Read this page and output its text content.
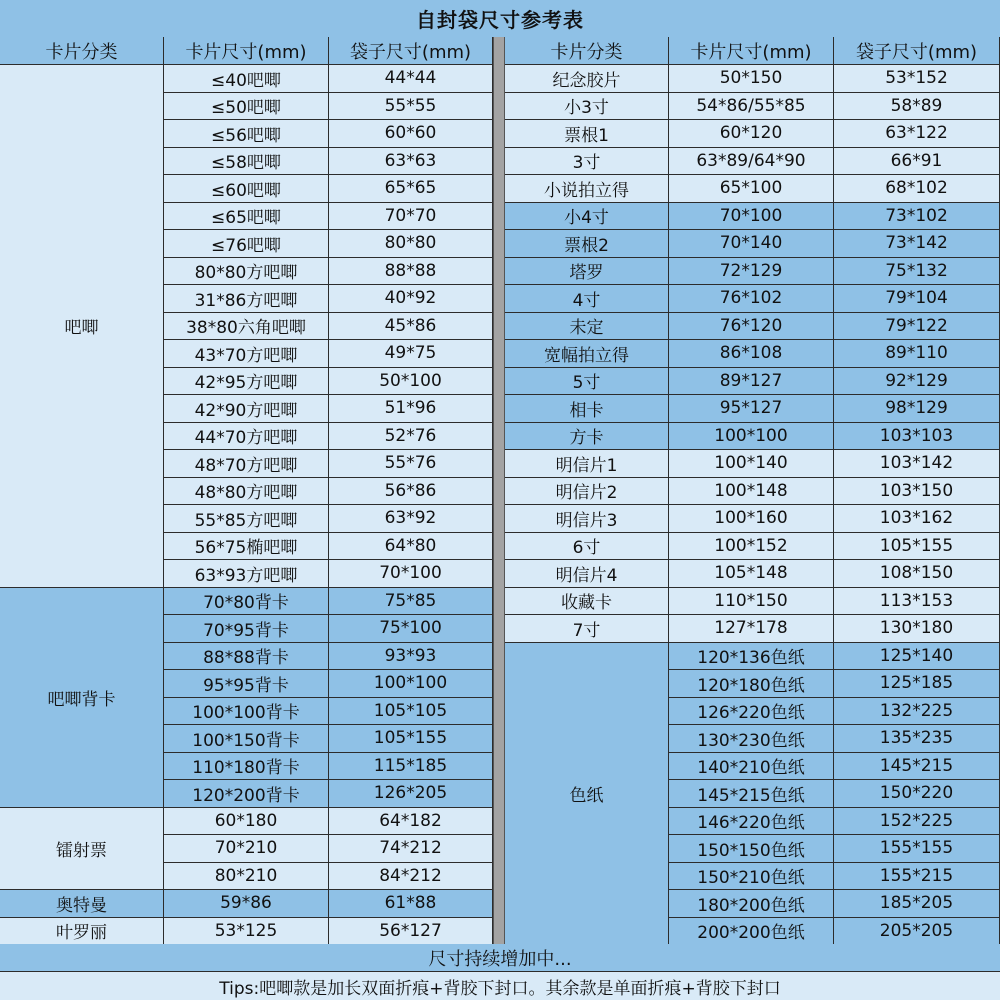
自封袋尺寸参考表
卡片分类	卡片尺寸(mm)	袋子尺寸(mm)
吧唧
≤40吧唧	44*44
≤50吧唧	55*55
≤56吧唧	60*60
≤58吧唧	63*63
≤60吧唧	65*65
≤65吧唧	70*70
≤76吧唧	80*80
80*80方吧唧	88*88
31*86方吧唧	40*92
38*80六角吧唧	45*86
43*70方吧唧	49*75
42*95方吧唧	50*100
42*90方吧唧	51*96
44*70方吧唧	52*76
48*70方吧唧	55*76
48*80方吧唧	56*86
55*85方吧唧	63*92
56*75椭吧唧	64*80
63*93方吧唧	70*100
吧唧背卡
70*80背卡	75*85
70*95背卡	75*100
88*88背卡	93*93
95*95背卡	100*100
100*100背卡	105*105
100*150背卡	105*155
110*180背卡	115*185
120*200背卡	126*205
镭射票
60*180	64*182
70*210	74*212
80*210	84*212
奥特曼	59*86	61*88
叶罗丽	53*125	56*127
卡片分类	卡片尺寸(mm)	袋子尺寸(mm)
纪念胶片	50*150	53*152
小3寸	54*86/55*85	58*89
票根1	60*120	63*122
3寸	63*89/64*90	66*91
小说拍立得	65*100	68*102
小4寸	70*100	73*102
票根2	70*140	73*142
塔罗	72*129	75*132
4寸	76*102	79*104
未定	76*120	79*122
宽幅拍立得	86*108	89*110
5寸	89*127	92*129
相卡	95*127	98*129
方卡	100*100	103*103
明信片1	100*140	103*142
明信片2	100*148	103*150
明信片3	100*160	103*162
6寸	100*152	105*155
明信片4	105*148	108*150
收藏卡	110*150	113*153
7寸	127*178	130*180
色纸
120*136色纸	125*140
120*180色纸	125*185
126*220色纸	132*225
130*230色纸	135*235
140*210色纸	145*215
145*215色纸	150*220
146*220色纸	152*225
150*150色纸	155*155
150*210色纸	155*215
180*200色纸	185*205
200*200色纸	205*205
尺寸持续增加中...
Tips:吧唧款是加长双面折痕+背胶下封口。其余款是单面折痕+背胶下封口
